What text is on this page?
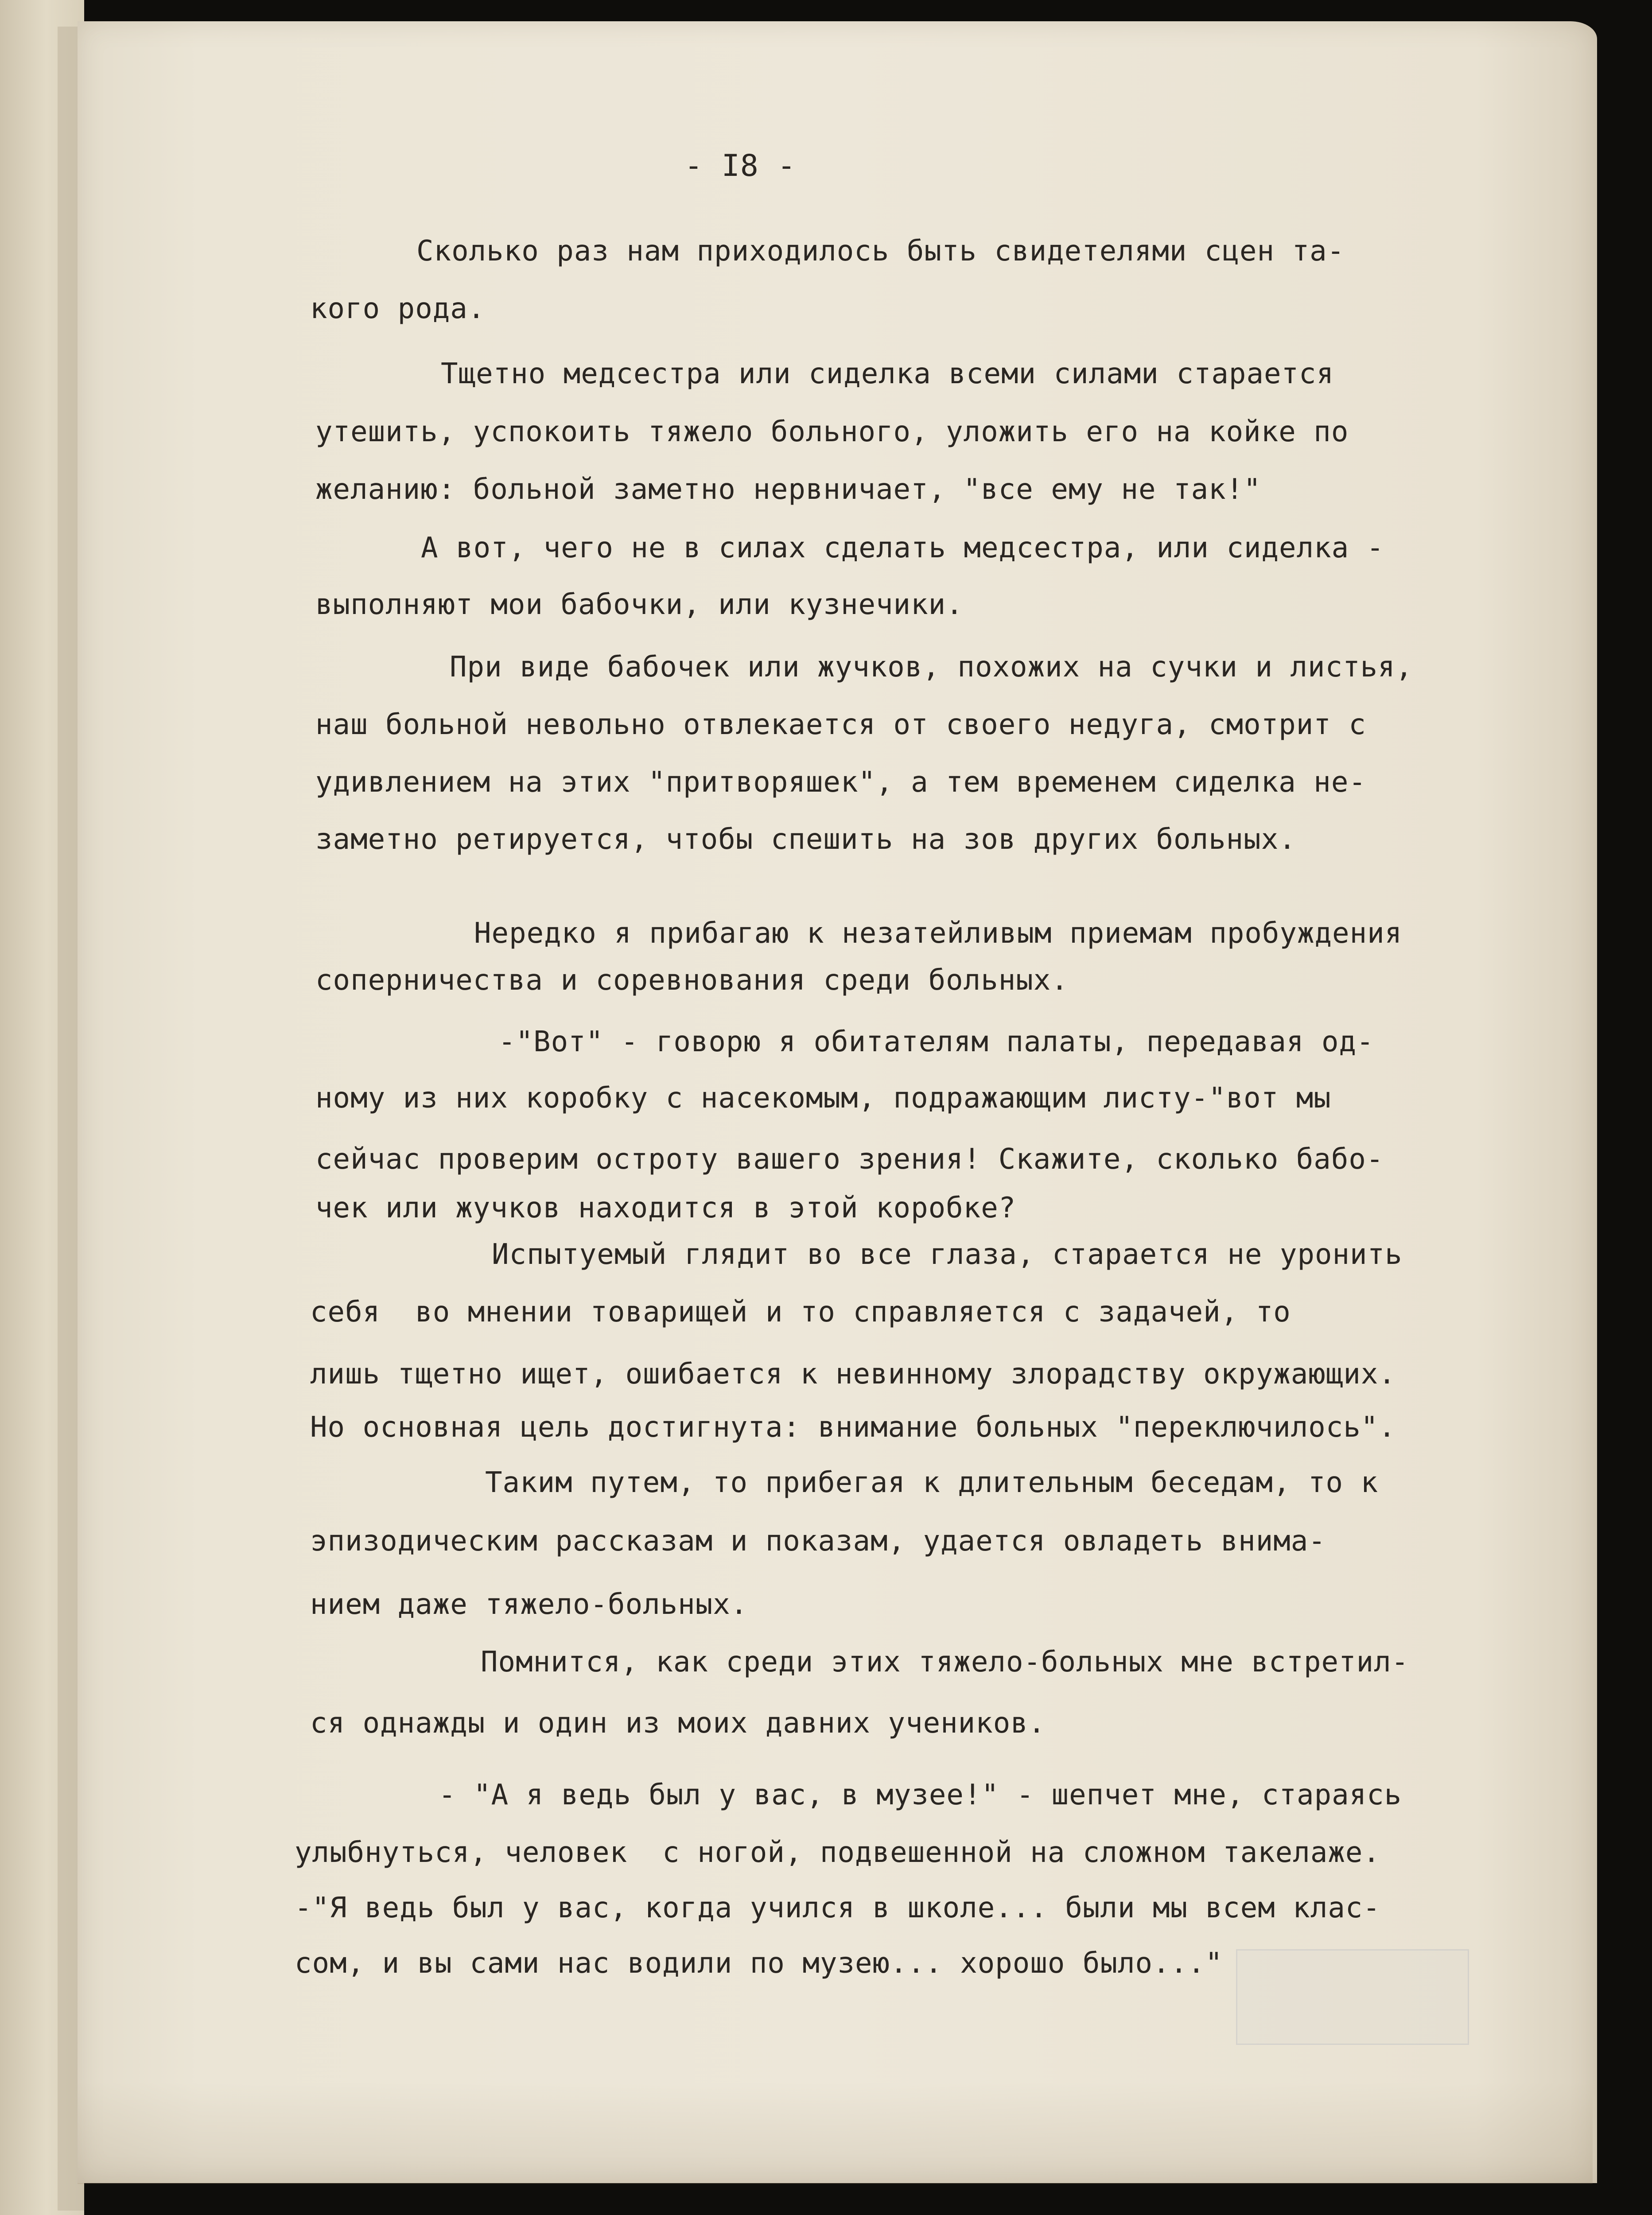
- I8 -
Сколько раз нам приходилось быть свидетелями сцен та-
кого рода.
Тщетно медсестра или сиделка всеми силами старается
утешить, успокоить тяжело больного, уложить его на койке по
желанию: больной заметно нервничает, "все ему не так!"
А вот, чего не в силах сделать медсестра, или сиделка -
выполняют мои бабочки, или кузнечики.
При виде бабочек или жучков, похожих на сучки и листья,
наш больной невольно отвлекается от своего недуга, смотрит с
удивлением на этих "притворяшек", а тем временем сиделка не-
заметно ретируется, чтобы спешить на зов других больных.
Нередко я прибагаю к незатейливым приемам пробуждения
соперничества и соревнования среди больных.
-"Вот" - говорю я обитателям палаты, передавая од-
ному из них коробку с насекомым, подражающим листу-"вот мы
сейчас проверим остроту вашего зрения! Скажите, сколько бабо-
чек или жучков находится в этой коробке?
Испытуемый глядит во все глаза, старается не уронить
себя  во мнении товарищей и то справляется с задачей, то
лишь тщетно ищет, ошибается к невинному злорадству окружающих.
Но основная цель достигнута: внимание больных "переключилось".
Таким путем, то прибегая к длительным беседам, то к
эпизодическим рассказам и показам, удается овладеть внима-
нием даже тяжело-больных.
Помнится, как среди этих тяжело-больных мне встретил-
ся однажды и один из моих давних учеников.
- "А я ведь был у вас, в музее!" - шепчет мне, стараясь
улыбнуться, человек  с ногой, подвешенной на сложном такелаже.
-"Я ведь был у вас, когда учился в школе... были мы всем клас-
сом, и вы сами нас водили по музею... хорошо было..."
